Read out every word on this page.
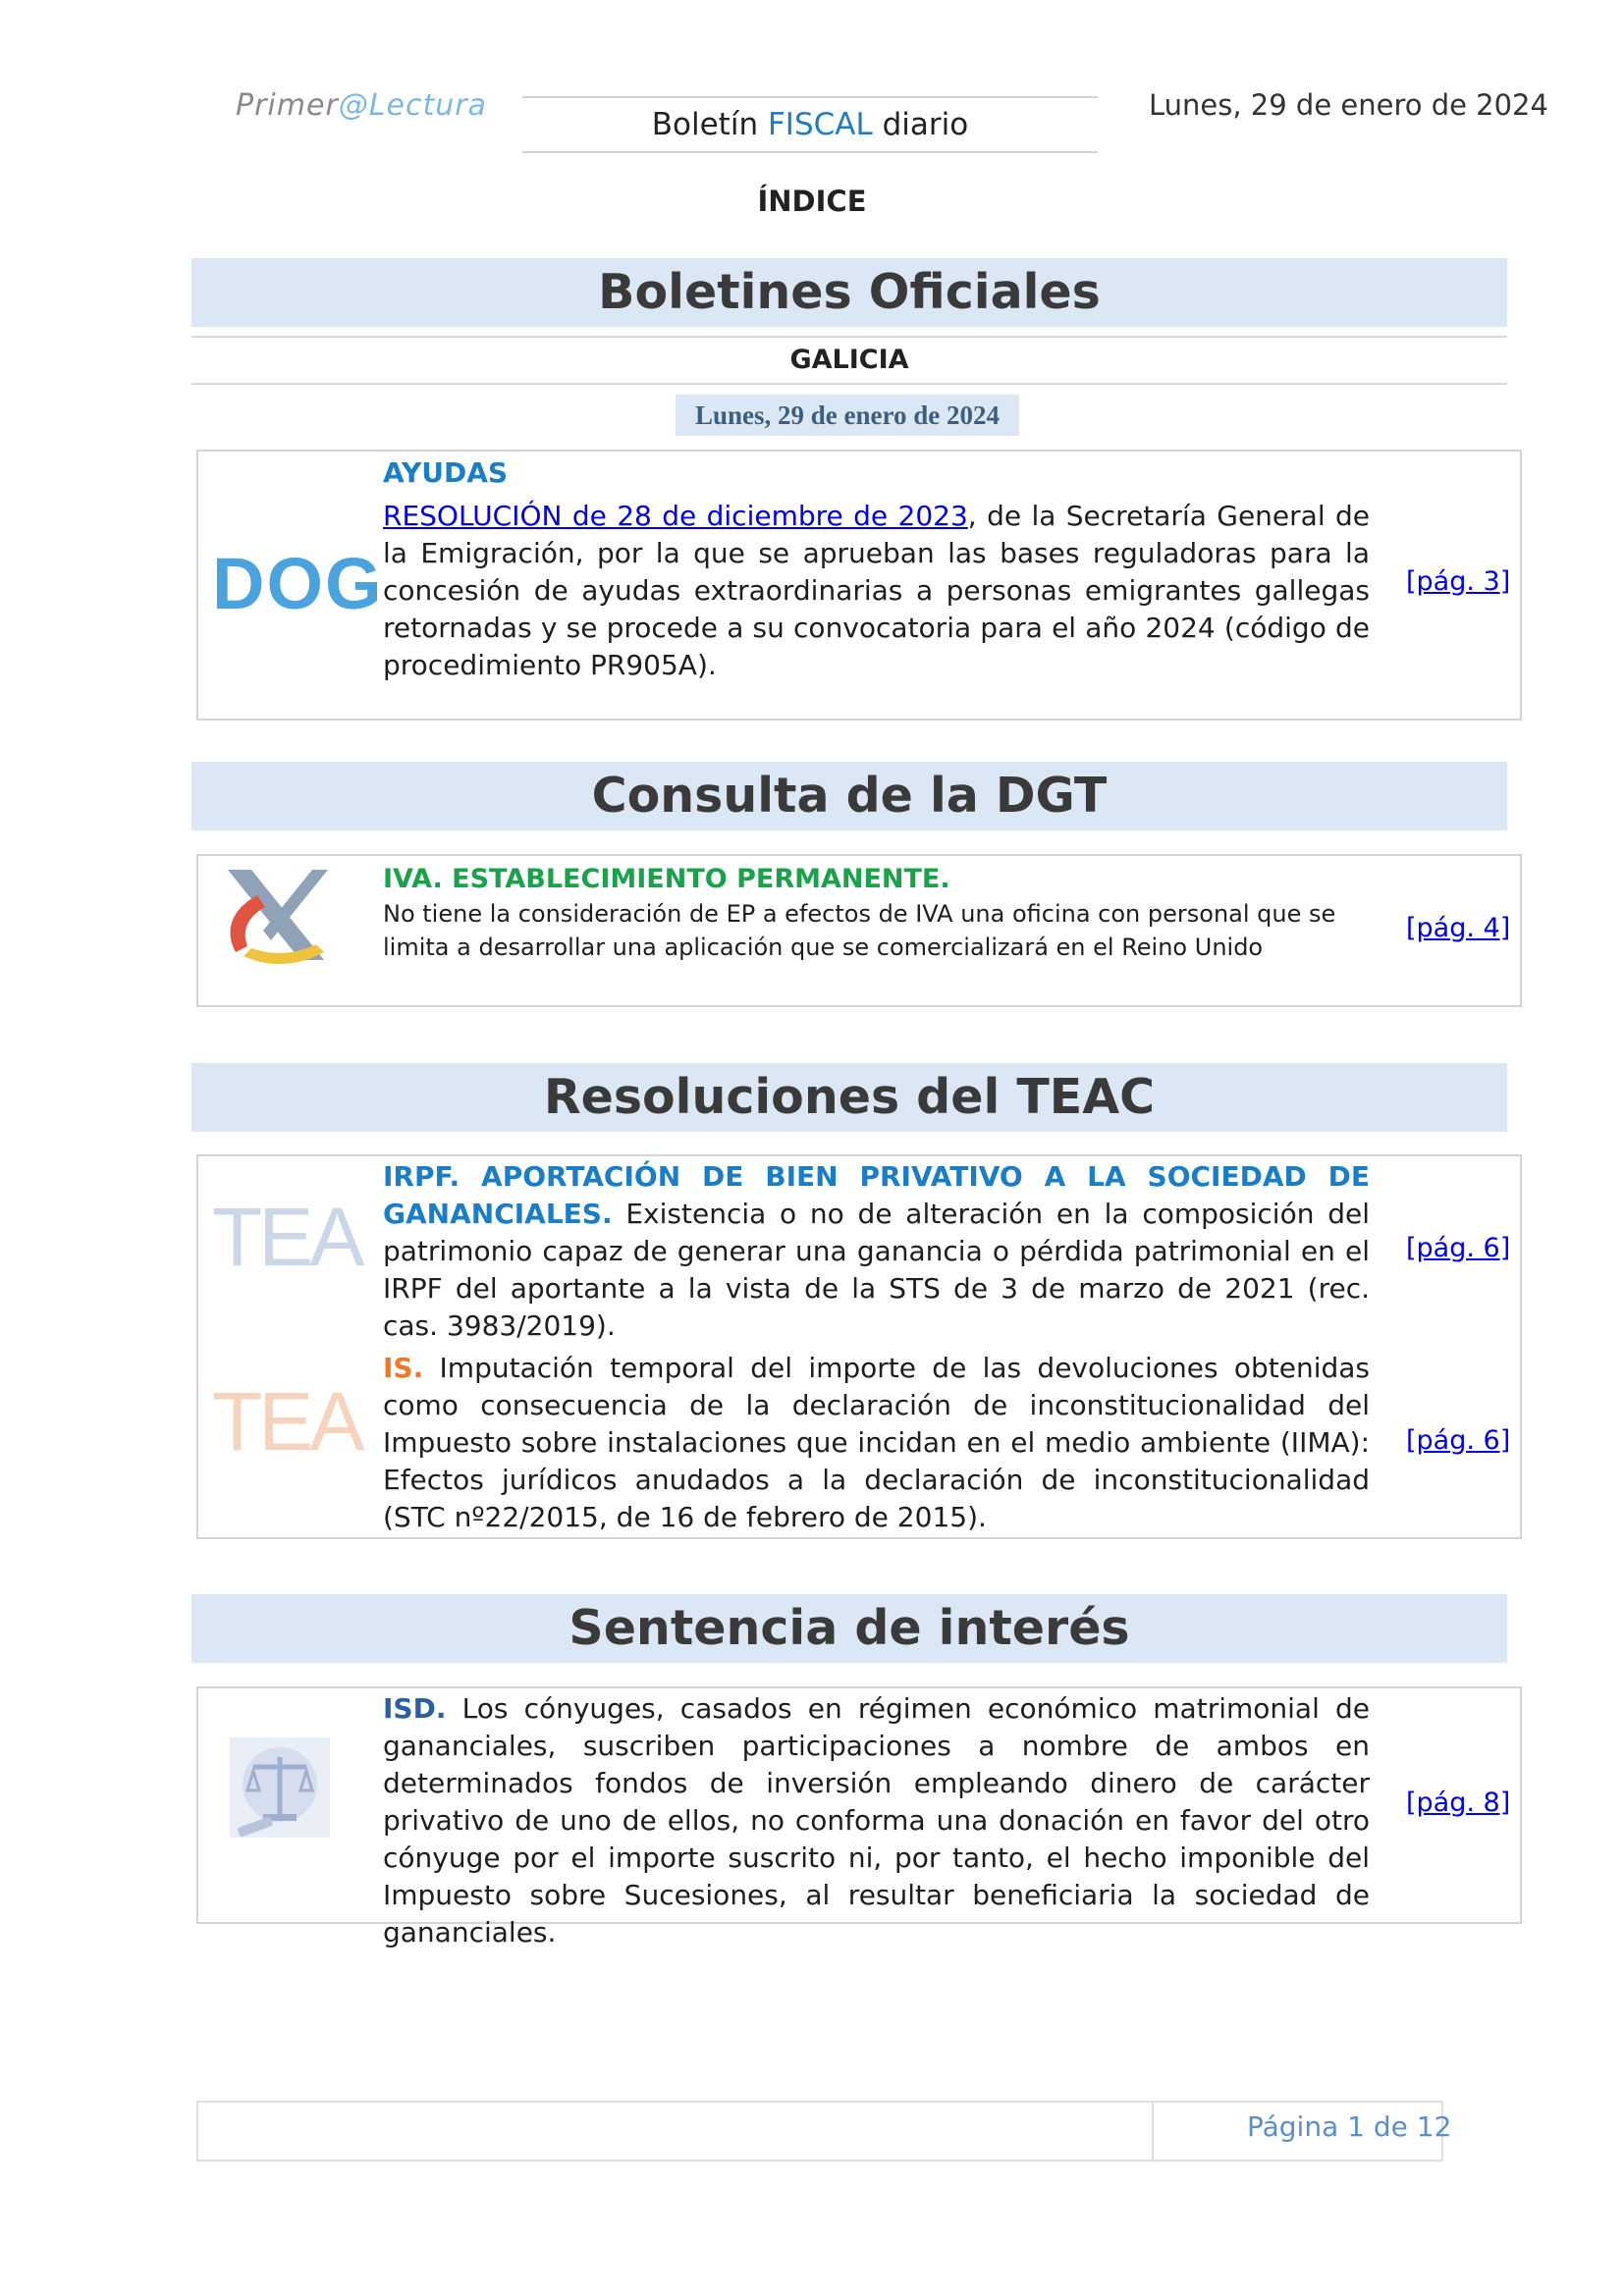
Primer@Lectura
Boletín FISCAL diario
Lunes, 29 de enero de 2024
ÍNDICE
Boletines Oficiales
GALICIA
Lunes, 29 de enero de 2024
DOG
AYUDAS
RESOLUCIÓN de 28 de diciembre de 2023, de la Secretaría General de la Emigración, por la que se aprueban las bases reguladoras para la concesión de ayudas extraordinarias a personas emigrantes gallegas retornadas y se procede a su convocatoria para el año 2024 (código de procedimiento PR905A).
[pág. 3]
Consulta de la DGT
IVA. ESTABLECIMIENTO PERMANENTE.
No tiene la consideración de EP a efectos de IVA una oficina con personal que se limita a desarrollar una aplicación que se comercializará en el Reino Unido
[pág. 4]
Resoluciones del TEAC
TEA
TEA
IRPF. APORTACIÓN DE BIEN PRIVATIVO A LA SOCIEDAD DE GANANCIALES. Existencia o no de alteración en la composición del patrimonio capaz de generar una ganancia o pérdida patrimonial en el IRPF del aportante a la vista de la STS de 3 de marzo de 2021 (rec. cas. 3983/2019).
[pág. 6]
IS. Imputación temporal del importe de las devoluciones obtenidas como consecuencia de la declaración de inconstitucionalidad del Impuesto sobre instalaciones que incidan en el medio ambiente (IIMA): Efectos jurídicos anudados a la declaración de inconstitucionalidad (STC nº22/2015, de 16 de febrero de 2015).
[pág. 6]
Sentencia de interés
ISD. Los cónyuges, casados en régimen económico matrimonial de gananciales, suscriben participaciones a nombre de ambos en determinados fondos de inversión empleando dinero de carácter privativo de uno de ellos, no conforma una donación en favor del otro cónyuge por el importe suscrito ni, por tanto, el hecho imponible del Impuesto sobre Sucesiones, al resultar beneficiaria la sociedad de gananciales.
[pág. 8]
Página 1 de 12
